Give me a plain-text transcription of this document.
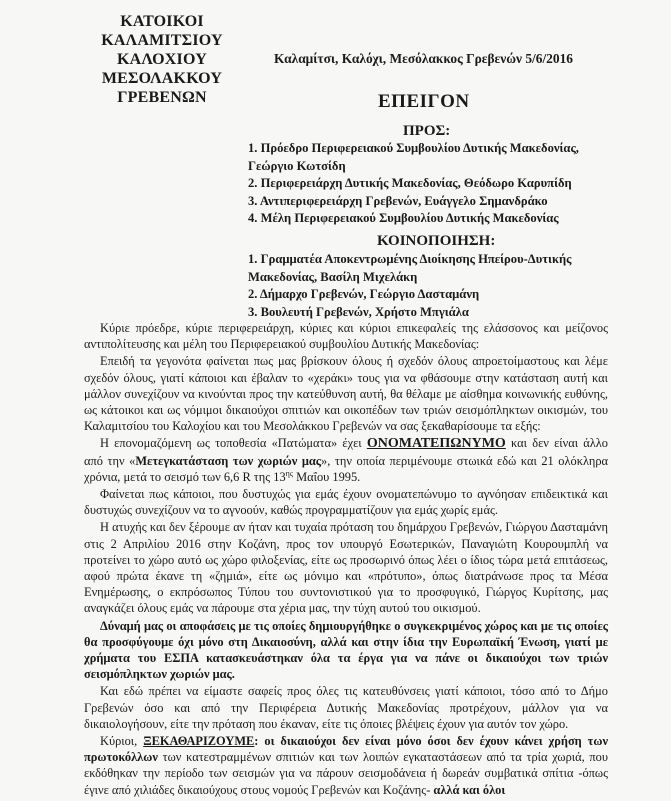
ΚΑΤΟΙΚΟΙ
ΚΑΛΑΜΙΤΣΙΟΥ
ΚΑΛΟΧΙΟΥ
ΜΕΣΟΛΑΚΚΟΥ
ΓΡΕΒΕΝΩΝ
Καλαμίτσι, Καλόχι, Μεσόλακκος Γρεβενών 5/6/2016
ΕΠΕΙΓΟΝ
ΠΡΟΣ:

1. Πρόεδρο Περιφερειακού Συμβουλίου Δυτικής Μακεδονίας, Γεώργιο Κωτσίδη

2. Περιφερειάρχη Δυτικής Μακεδονίας, Θεόδωρο Καρυπίδη

3. Αντιπεριφερειάρχη Γρεβενών, Ευάγγελο Σημανδράκο

4. Μέλη Περιφερειακού Συμβουλίου Δυτικής Μακεδονίας

ΚΟΙΝΟΠΟΙΗΣΗ:

1. Γραμματέα Αποκεντρωμένης Διοίκησης Ηπείρου-Δυτικής Μακεδονίας, Βασίλη Μιχελάκη

2. Δήμαρχο Γρεβενών, Γεώργιο Δασταμάνη

3. Βουλευτή Γρεβενών, Χρήστο Μπγιάλα

Κύριε πρόεδρε, κύριε περιφερειάρχη, κύριες και κύριοι επικεφαλείς της ελάσσονος και μείζονος αντιπολίτευσης και μέλη του Περιφερειακού συμβουλίου Δυτικής Μακεδονίας:

Επειδή τα γεγονότα φαίνεται πως μας βρίσκουν όλους ή σχεδόν όλους απροετοίμαστους και λέμε σχεδόν όλους, γιατί κάποιοι και έβαλαν το «χεράκι» τους για να φθάσουμε στην κατάσταση αυτή και μάλλον συνεχίζουν να κινούνται προς την κατεύθυνση αυτή, θα θέλαμε με αίσθημα κοινωνικής ευθύνης, ως κάτοικοι και ως νόμιμοι δικαιούχοι σπιτιών και οικοπέδων των τριών σεισμόπληκτων οικισμών, του Καλαμιτσίου του Καλοχίου και του Μεσολάκκου Γρεβενών να σας ξεκαθαρίσουμε τα εξής:

Η επονομαζόμενη ως τοποθεσία «Πατώματα» έχει ΟΝΟΜΑΤΕΠΩΝΥΜΟ και δεν είναι άλλο από την «Μετεγκατάσταση των χωριών μας», την οποία περιμένουμε στωικά εδώ και 21 ολόκληρα χρόνια, μετά το σεισμό των 6,6 R της $13^{\eta\varsigma}$ Μαΐου 1995.

Φαίνεται πως κάποιοι, που δυστυχώς για εμάς έχουν ονοματεπώνυμο το αγνόησαν επιδεικτικά και δυστυχώς συνεχίζουν να το αγνοούν, καθώς προγραμματίζουν για εμάς χωρίς εμάς.

Η ατυχής και δεν ξέρουμε αν ήταν και τυχαία πρόταση του δημάρχου Γρεβενών, Γιώργου Δασταμάνη στις 2 Απριλίου 2016 στην Κοζάνη, προς τον υπουργό Εσωτερικών, Παναγιώτη Κουρουμπλή να προτείνει το χώρο αυτό ως χώρο φιλοξενίας, είτε ως προσωρινό όπως λέει ο ίδιος τώρα μετά επιτάσεως, αφού πρώτα έκανε τη «ζημιά», είτε ως μόνιμο και «πρότυπο», όπως διατράνωσε προς τα Μέσα Ενημέρωσης, ο εκπρόσωπος Τύπου του συντονιστικού για το προσφυγικό, Γιώργος Κυρίτσης, μας αναγκάζει όλους εμάς να πάρουμε στα χέρια μας, την τύχη αυτού του οικισμού.

Δύναμή μας οι αποφάσεις με τις οποίες δημιουργήθηκε ο συγκεκριμένος χώρος και με τις οποίες θα προσφύγουμε όχι μόνο στη Δικαιοσύνη, αλλά και στην ίδια την Ευρωπαϊκή Ένωση, γιατί με χρήματα του ΕΣΠΑ κατασκευάστηκαν όλα τα έργα για να πάνε οι δικαιούχοι των τριών σεισμόπληκτων χωριών μας.

Και εδώ πρέπει να είμαστε σαφείς προς όλες τις κατευθύνσεις γιατί κάποιοι, τόσο από το Δήμο Γρεβενών όσο και από την Περιφέρεια Δυτικής Μακεδονίας προτρέχουν, μάλλον για να δικαιολογήσουν, είτε την πρόταση που έκαναν, είτε τις όποιες βλέψεις έχουν για αυτόν τον χώρο.

Κύριοι, ΞΕΚΑΘΑΡΙΖΟΥΜΕ: οι δικαιούχοι δεν είναι μόνο όσοι δεν έχουν κάνει χρήση των πρωτοκόλλων των κατεστραμμένων σπιτιών και των λοιπών εγκαταστάσεων από τα τρία χωριά, που εκδόθηκαν την περίοδο των σεισμών για να πάρουν σεισμοδάνεια ή δωρεάν συμβατικά σπίτια -όπως έγινε από χιλιάδες δικαιούχους στους νομούς Γρεβενών και Κοζάνης- αλλά και όλοι
